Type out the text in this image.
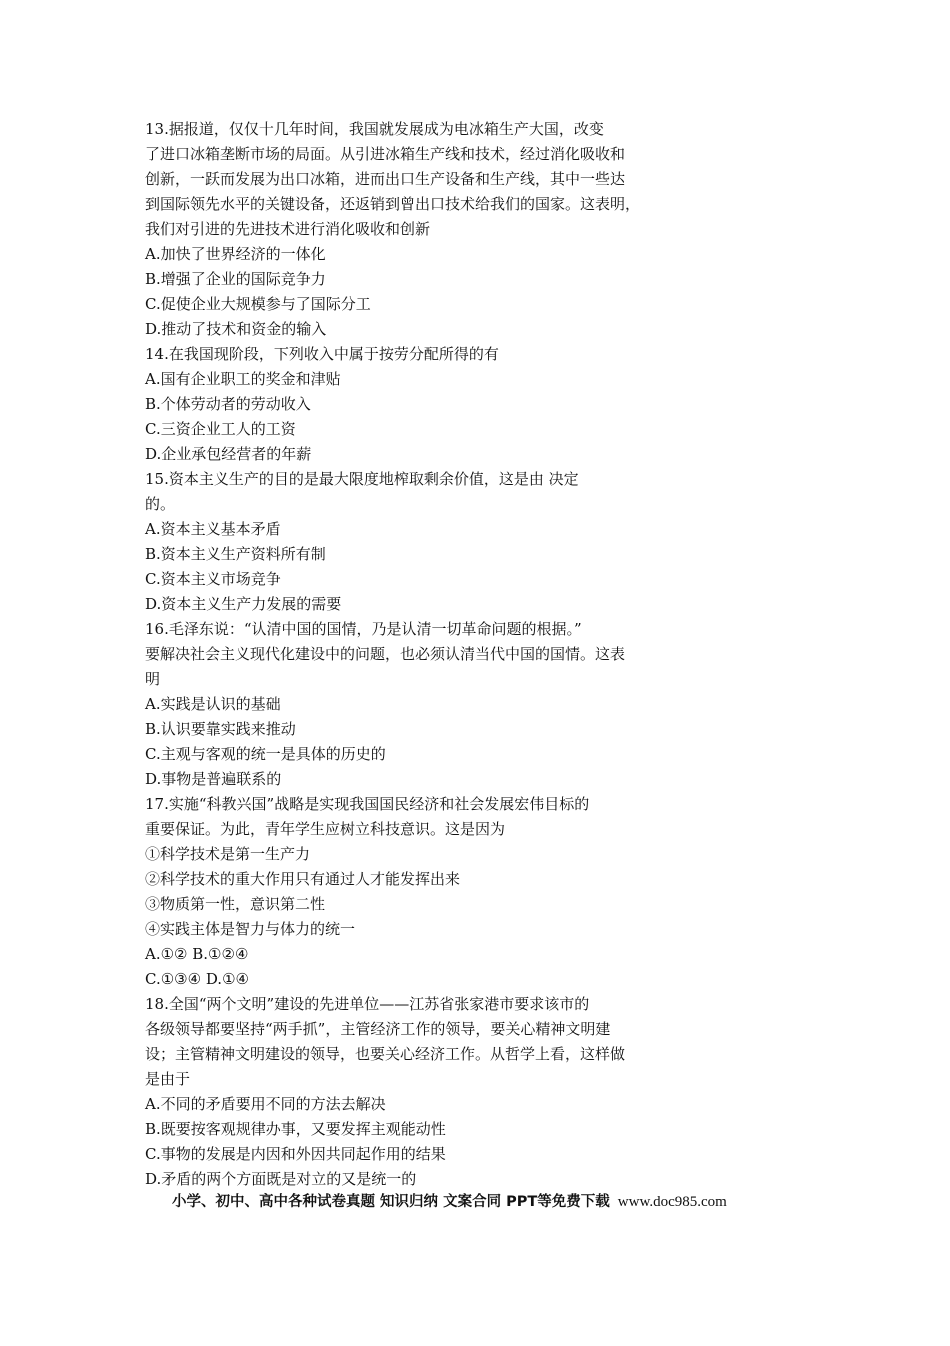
13.据报道，仅仅十几年时间，我国就发展成为电冰箱生产大国，改变
了进口冰箱垄断市场的局面。从引进冰箱生产线和技术，经过消化吸收和
创新，一跃而发展为出口冰箱，进而出口生产设备和生产线，其中一些达
到国际领先水平的关键设备，还返销到曾出口技术给我们的国家。这表明，
我们对引进的先进技术进行消化吸收和创新
A.加快了世界经济的一体化
B.增强了企业的国际竞争力
C.促使企业大规模参与了国际分工
D.推动了技术和资金的输入
14.在我国现阶段，下列收入中属于按劳分配所得的有
A.国有企业职工的奖金和津贴
B.个体劳动者的劳动收入
C.三资企业工人的工资
D.企业承包经营者的年薪
15.资本主义生产的目的是最大限度地榨取剩余价值，这是由 决定
的。
A.资本主义基本矛盾
B.资本主义生产资料所有制
C.资本主义市场竞争
D.资本主义生产力发展的需要
16.毛泽东说：“认清中国的国情，乃是认清一切革命问题的根据。”
要解决社会主义现代化建设中的问题，也必须认清当代中国的国情。这表
明
A.实践是认识的基础
B.认识要靠实践来推动
C.主观与客观的统一是具体的历史的
D.事物是普遍联系的
17.实施“科教兴国”战略是实现我国国民经济和社会发展宏伟目标的
重要保证。为此，青年学生应树立科技意识。这是因为
①科学技术是第一生产力
②科学技术的重大作用只有通过人才能发挥出来
③物质第一性，意识第二性
④实践主体是智力与体力的统一
A.①② B.①②④
C.①③④ D.①④
18.全国“两个文明”建设的先进单位——江苏省张家港市要求该市的
各级领导都要坚持“两手抓”，主管经济工作的领导，要关心精神文明建
设；主管精神文明建设的领导，也要关心经济工作。从哲学上看，这样做
是由于
A.不同的矛盾要用不同的方法去解决
B.既要按客观规律办事，又要发挥主观能动性
C.事物的发展是内因和外因共同起作用的结果
D.矛盾的两个方面既是对立的又是统一的
小学、初中、高中各种试卷真题 知识归纳 文案合同 PPT等免费下载 www.doc985.com
